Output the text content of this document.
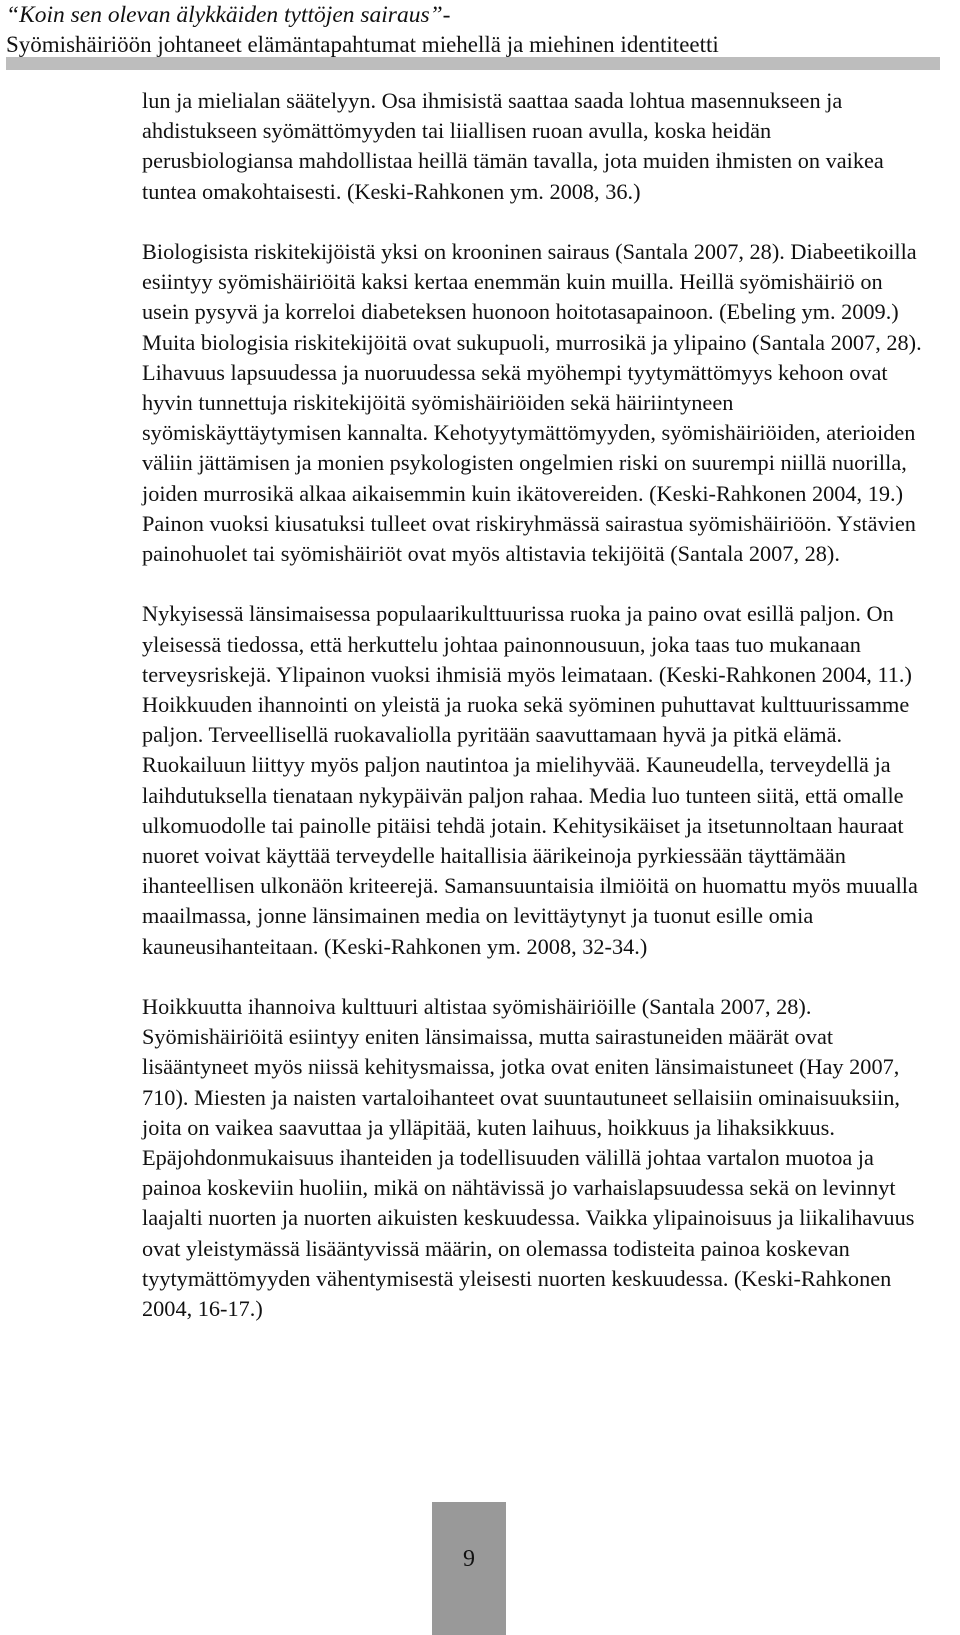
“Koin sen olevan älykkäiden tyttöjen sairaus”-
Syömishäiriöön johtaneet elämäntapahtumat miehellä ja miehinen identiteetti

lun ja mielialan säätelyyn. Osa ihmisistä saattaa saada lohtua masennukseen ja ahdistukseen syömättömyyden tai liiallisen ruoan avulla, koska heidän perusbiologiansa mahdollistaa heillä tämän tavalla, jota muiden ihmisten on vaikea tuntea omakohtaisesti. (Keski-Rahkonen ym. 2008, 36.)

Biologisista riskitekijöistä yksi on krooninen sairaus (Santala 2007, 28). Diabeetikoilla esiintyy syömishäiriöitä kaksi kertaa enemmän kuin muilla. Heillä syömishäiriö on usein pysyvä ja korreloi diabeteksen huonoon hoitotasapainoon. (Ebeling ym. 2009.) Muita biologisia riskitekijöitä ovat sukupuoli, murrosikä ja ylipaino (Santala 2007, 28). Lihavuus lapsuudessa ja nuoruudessa sekä myöhempi tyytymättömyys kehoon ovat hyvin tunnettuja riskitekijöitä syömishäiriöiden sekä häiriintyneen syömiskäyttäytymisen kannalta. Kehotyytymättömyyden, syömishäiriöiden, aterioiden väliin jättämisen ja monien psykologisten ongelmien riski on suurempi niillä nuorilla, joiden murrosikä alkaa aikaisemmin kuin ikätovereiden. (Keski-Rahkonen 2004, 19.) Painon vuoksi kiusatuksi tulleet ovat riskiryhmässä sairastua syömishäiriöön. Ystävien painohuolet tai syömishäiriöt ovat myös altistavia tekijöitä (Santala 2007, 28).

Nykyisessä länsimaisessa populaarikulttuurissa ruoka ja paino ovat esillä paljon. On yleisessä tiedossa, että herkuttelu johtaa painonnousuun, joka taas tuo mukanaan terveysriskejä. Ylipainon vuoksi ihmisiä myös leimataan. (Keski-Rahkonen 2004, 11.) Hoikkuuden ihannointi on yleistä ja ruoka sekä syöminen puhuttavat kulttuurissamme paljon. Terveellisellä ruokavaliolla pyritään saavuttamaan hyvä ja pitkä elämä. Ruokailuun liittyy myös paljon nautintoa ja mielihyvää. Kauneudella, terveydellä ja laihdutuksella tienataan nykypäivän paljon rahaa. Media luo tunteen siitä, että omalle ulkomuodolle tai painolle pitäisi tehdä jotain. Kehitysikäiset ja itsetunnoltaan hauraat nuoret voivat käyttää terveydelle haitallisia äärikeinoja pyrkiessään täyttämään ihanteellisen ulkonäön kriteerejä. Samansuuntaisia ilmiöitä on huomattu myös muualla maailmassa, jonne länsimainen media on levittäytynyt ja tuonut esille omia kauneusihanteitaan. (Keski-Rahkonen ym. 2008, 32-34.)

Hoikkuutta ihannoiva kulttuuri altistaa syömishäiriöille (Santala 2007, 28). Syömishäiriöitä esiintyy eniten länsimaissa, mutta sairastuneiden määrät ovat lisääntyneet myös niissä kehitysmaissa, jotka ovat eniten länsimaistuneet (Hay 2007, 710). Miesten ja naisten vartaloihanteet ovat suuntautuneet sellaisiin ominaisuuksiin, joita on vaikea saavuttaa ja ylläpitää, kuten laihuus, hoikkuus ja lihaksikkuus. Epäjohdonmukaisuus ihanteiden ja todellisuuden välillä johtaa vartalon muotoa ja painoa koskeviin huoliin, mikä on nähtävissä jo varhaislapsuudessa sekä on levinnyt laajalti nuorten ja nuorten aikuisten keskuudessa. Vaikka ylipainoisuus ja liikalihavuus ovat yleistymässä lisääntyvissä määrin, on olemassa todisteita painoa koskevan tyytymättömyyden vähentymisestä yleisesti nuorten keskuudessa. (Keski-Rahkonen 2004, 16-17.)

9
